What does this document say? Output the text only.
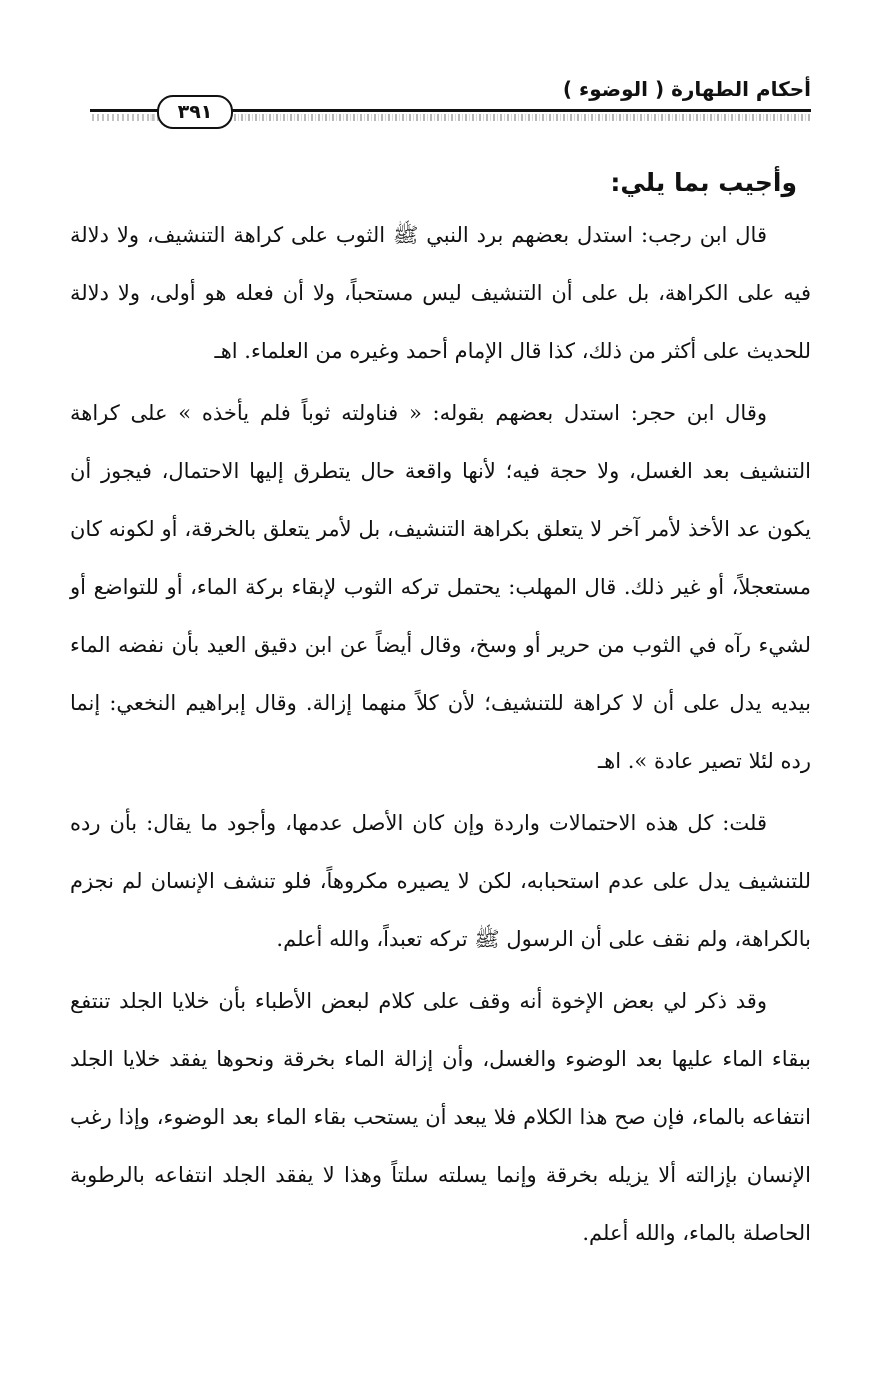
أحكام الطهارة ( الوضوء )
٣٩١

وأجيب بما يلي:

قال ابن رجب: استدل بعضهم برد النبي ﷺ الثوب على كراهة التنشيف، ولا دلالة فيه على الكراهة، بل على أن التنشيف ليس مستحباً، ولا أن فعله هو أولى، ولا دلالة للحديث على أكثر من ذلك، كذا قال الإمام أحمد وغيره من العلماء. اهـ

وقال ابن حجر: استدل بعضهم بقوله: « فناولته ثوباً فلم يأخذه » على كراهة التنشيف بعد الغسل، ولا حجة فيه؛ لأنها واقعة حال يتطرق إليها الاحتمال، فيجوز أن يكون عد الأخذ لأمر آخر لا يتعلق بكراهة التنشيف، بل لأمر يتعلق بالخرقة، أو لكونه كان مستعجلاً، أو غير ذلك. قال المهلب: يحتمل تركه الثوب لإبقاء بركة الماء، أو للتواضع أو لشيء رآه في الثوب من حرير أو وسخ، وقال أيضاً عن ابن دقيق العيد بأن نفضه الماء بيديه يدل على أن لا كراهة للتنشيف؛ لأن كلاً منهما إزالة. وقال إبراهيم النخعي: إنما رده لئلا تصير عادة ». اهـ

قلت: كل هذه الاحتمالات واردة وإن كان الأصل عدمها، وأجود ما يقال: بأن رده للتنشيف يدل على عدم استحبابه، لكن لا يصيره مكروهاً، فلو تنشف الإنسان لم نجزم بالكراهة، ولم نقف على أن الرسول ﷺ تركه تعبداً، والله أعلم.

وقد ذكر لي بعض الإخوة أنه وقف على كلام لبعض الأطباء بأن خلايا الجلد تنتفع ببقاء الماء عليها بعد الوضوء والغسل، وأن إزالة الماء بخرقة ونحوها يفقد خلايا الجلد انتفاعه بالماء، فإن صح هذا الكلام فلا يبعد أن يستحب بقاء الماء بعد الوضوء، وإذا رغب الإنسان بإزالته ألا يزيله بخرقة وإنما يسلته سلتاً وهذا لا يفقد الجلد انتفاعه بالرطوبة الحاصلة بالماء، والله أعلم.
